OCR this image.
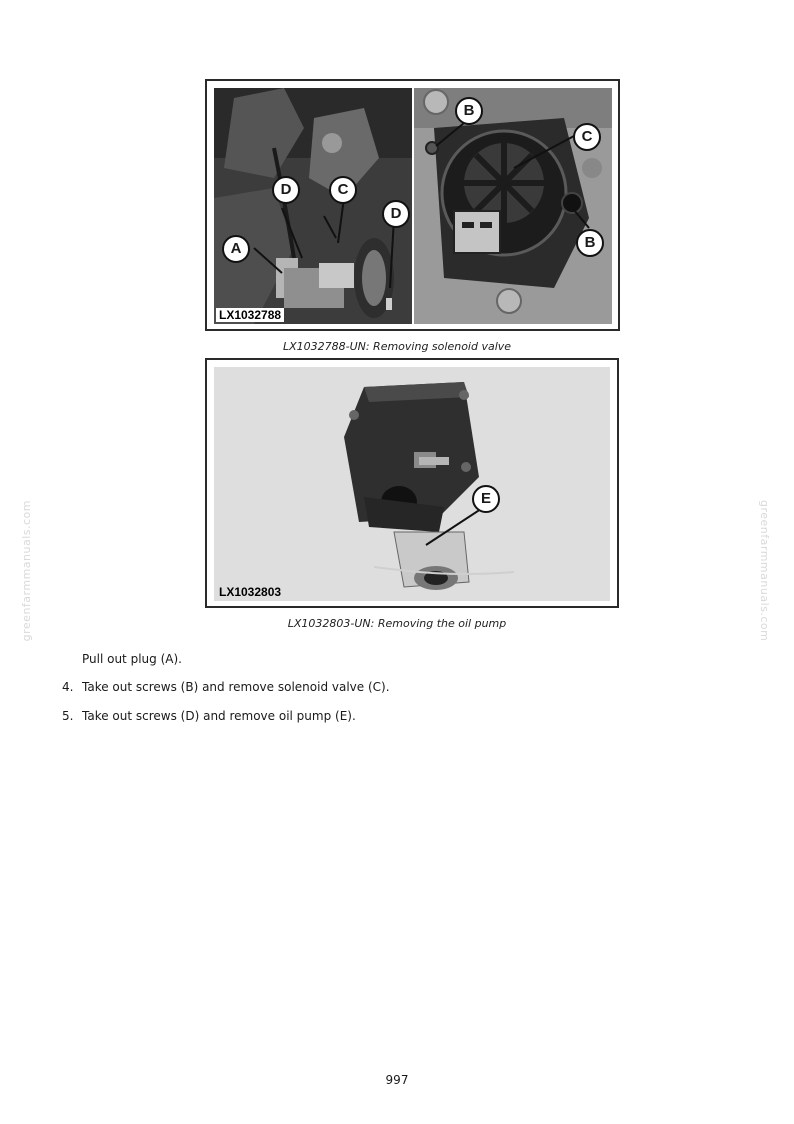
greenfarmmanuals.com	greenfarmmanuals.com
A
D	C
D
LX1032788
B
C
B
LX1032788-UN: Removing solenoid valve
E
LX1032803
LX1032803-UN: Removing the oil pump
Pull out plug (A).
4. Take out screws (B) and remove solenoid valve (C).
5. Take out screws (D) and remove oil pump (E).
997
